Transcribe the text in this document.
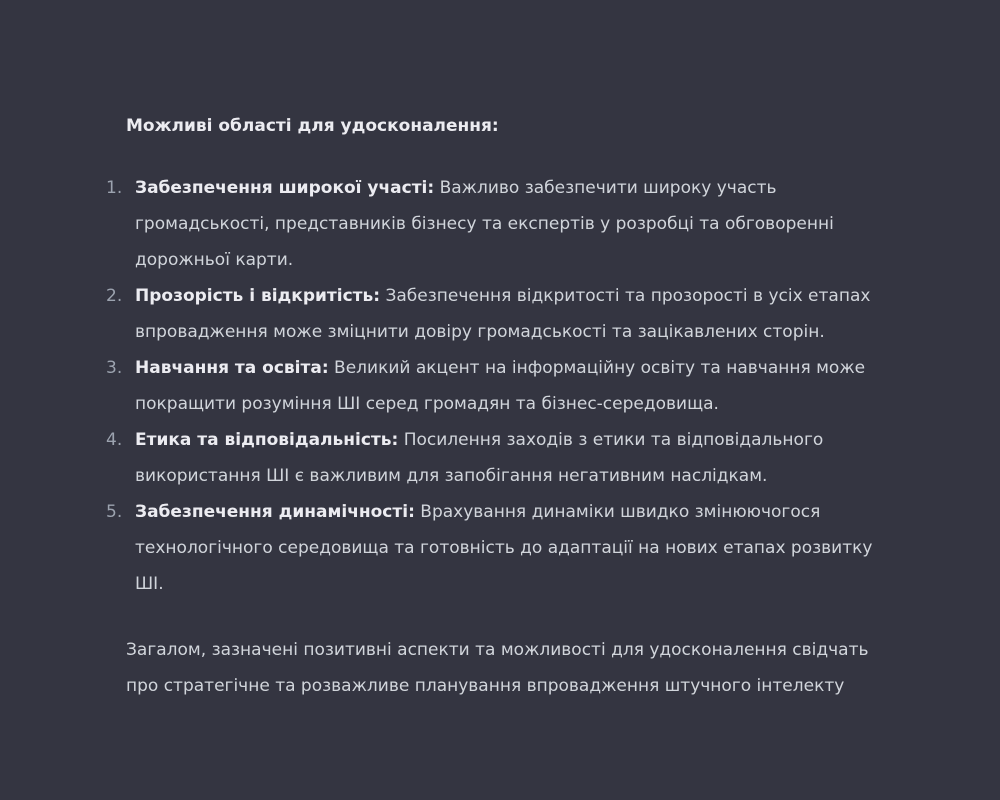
Можливі області для удосконалення:

1. Забезпечення широкої участі: Важливо забезпечити широку участь громадськості, представників бізнесу та експертів у розробці та обговоренні дорожньої карти.
2. Прозорість і відкритість: Забезпечення відкритості та прозорості в усіх етапах впровадження може зміцнити довіру громадськості та зацікавлених сторін.
3. Навчання та освіта: Великий акцент на інформаційну освіту та навчання може покращити розуміння ШІ серед громадян та бізнес-середовища.
4. Етика та відповідальність: Посилення заходів з етики та відповідального використання ШІ є важливим для запобігання негативним наслідкам.
5. Забезпечення динамічності: Врахування динаміки швидко змінюючогося технологічного середовища та готовність до адаптації на нових етапах розвитку ШІ.

Загалом, зазначені позитивні аспекти та можливості для удосконалення свідчать про стратегічне та розважливе планування впровадження штучного інтелекту
